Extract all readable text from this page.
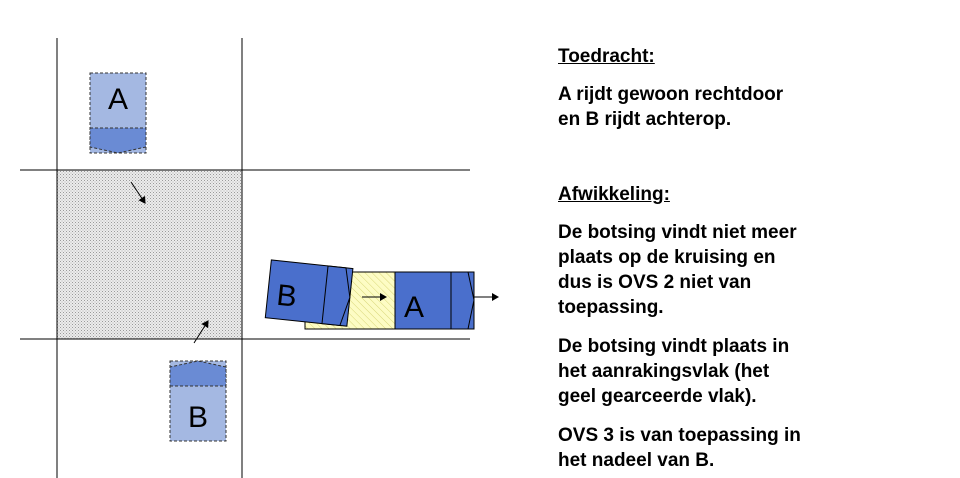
A
B
A
B

Toedracht:

A rijdt gewoon rechtdoor
en B rijdt achterop.

Afwikkeling:

De botsing vindt niet meer
plaats op de kruising en
dus is OVS 2 niet van
toepassing.

De botsing vindt plaats in
het aanrakingsvlak (het
geel gearceerde vlak).

OVS 3 is van toepassing in
het nadeel van B.
